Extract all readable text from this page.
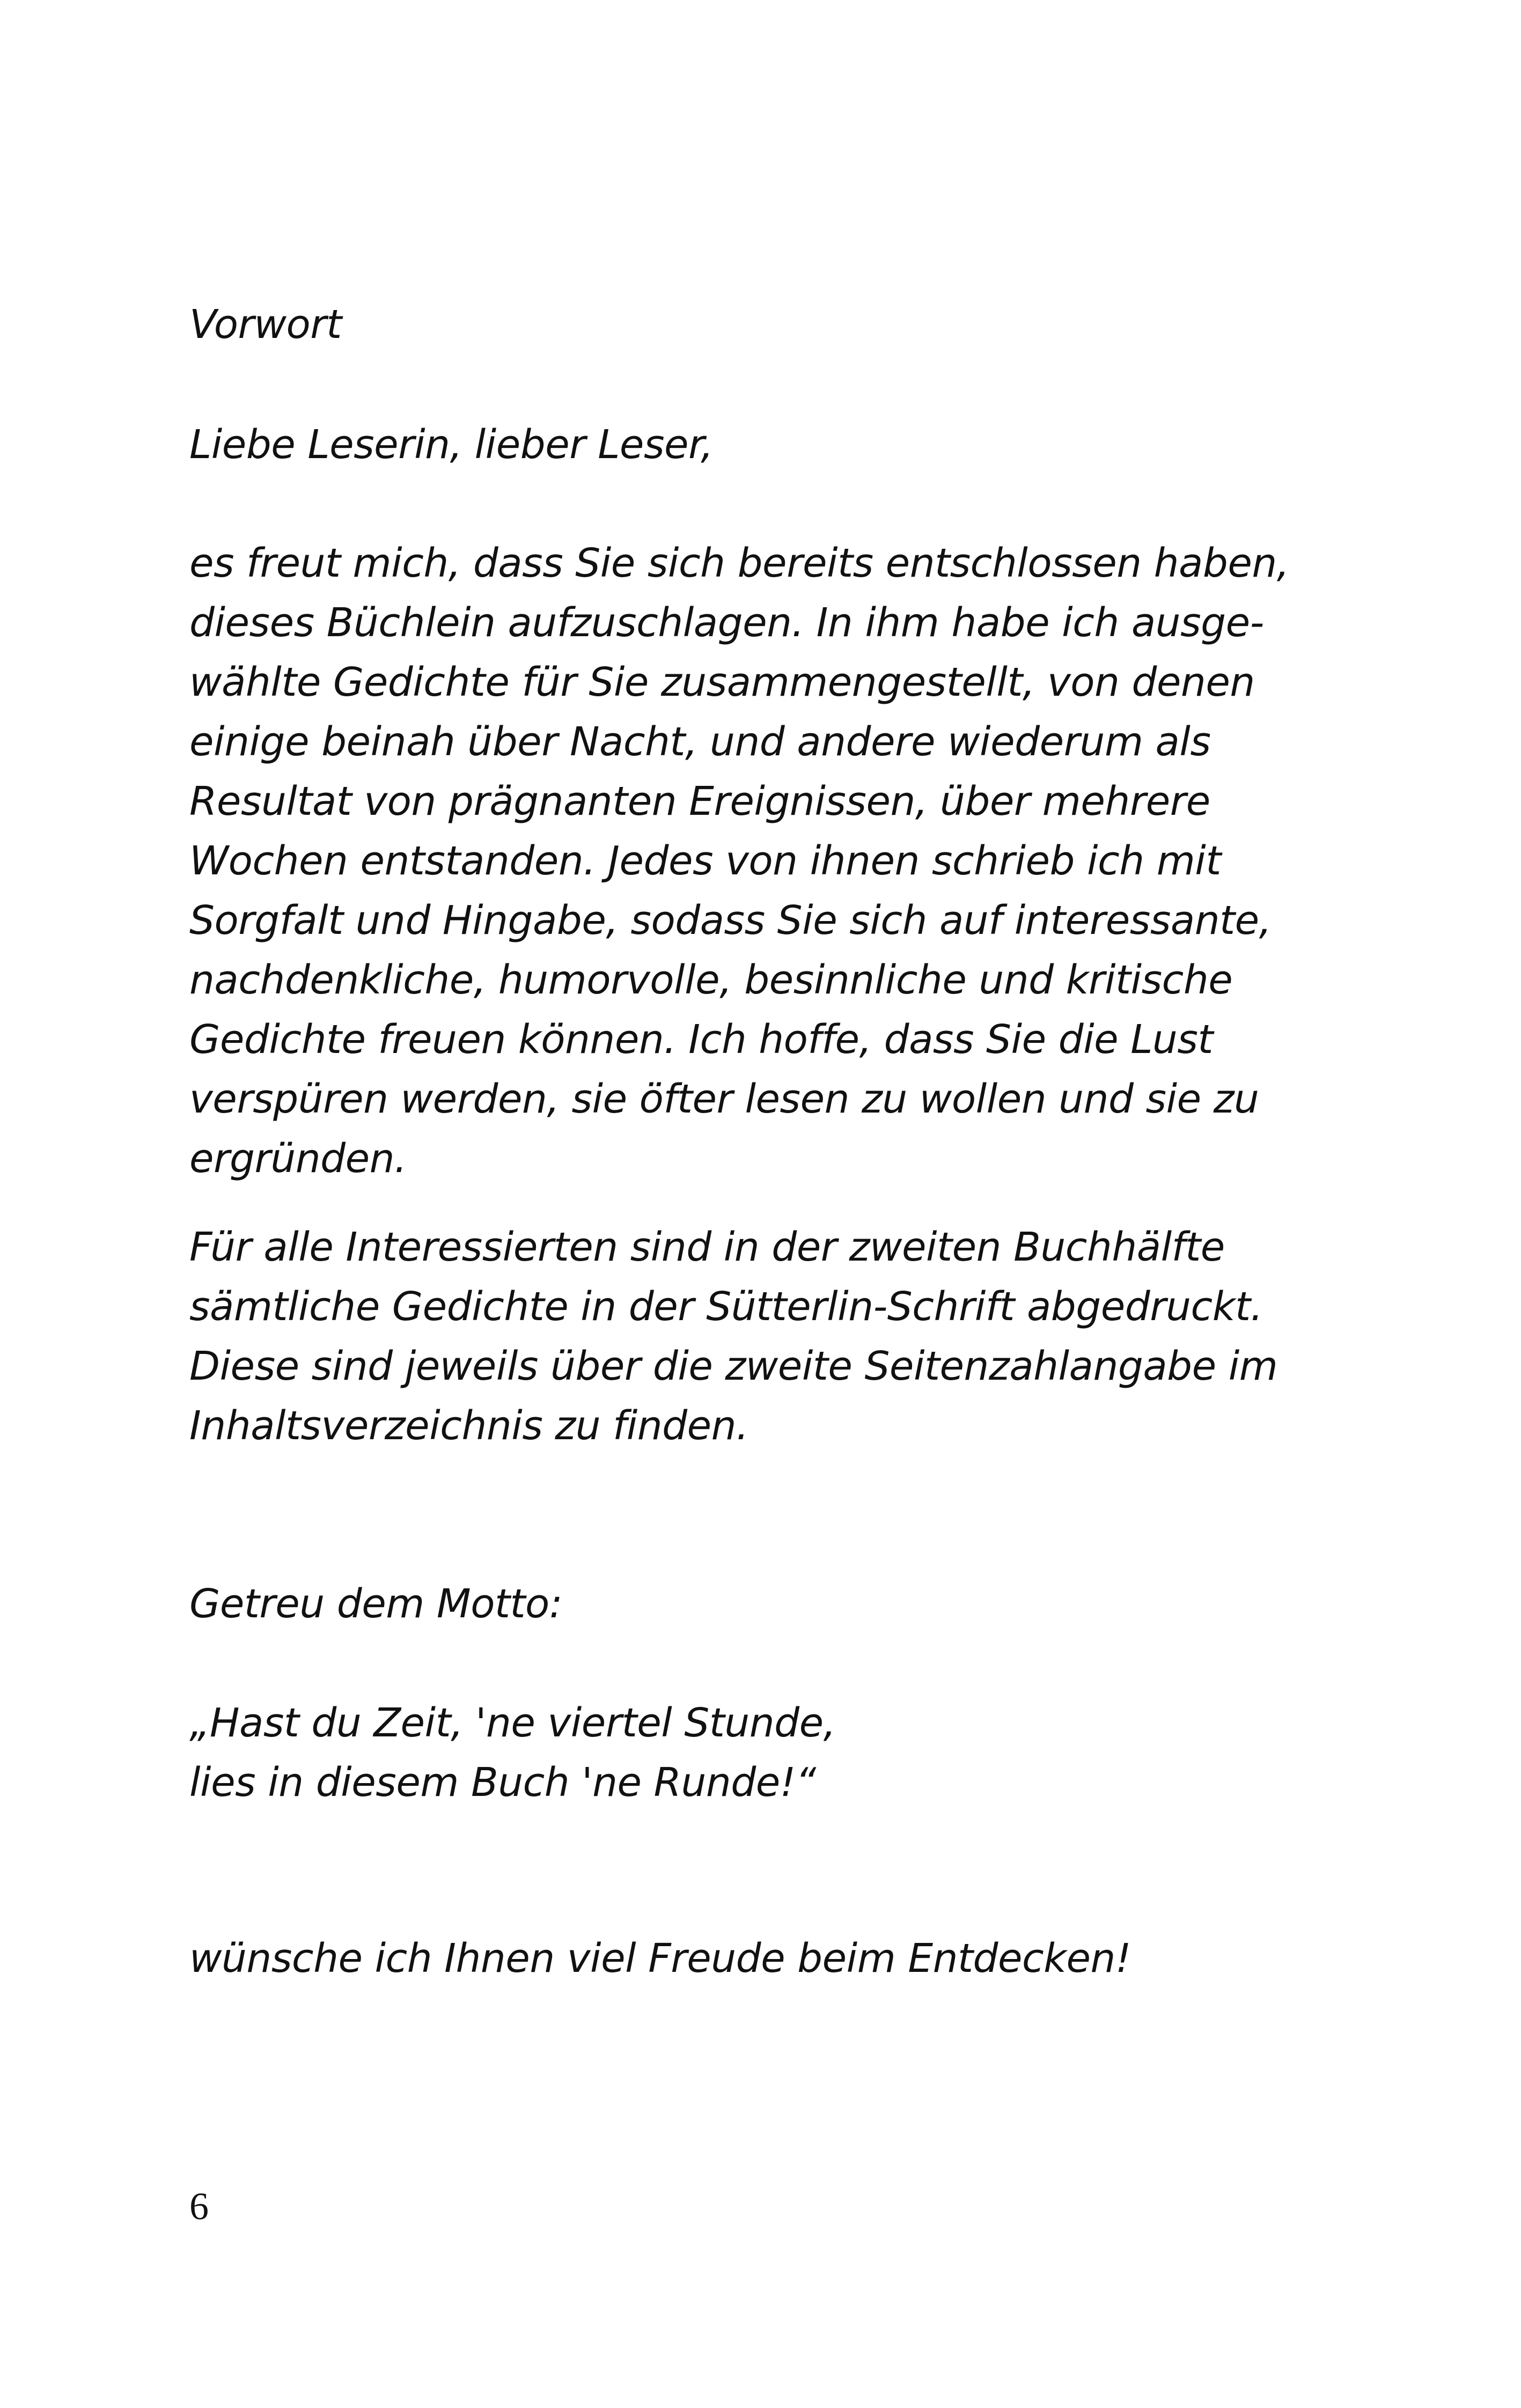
Vorwort

Liebe Leserin, lieber Leser,

es freut mich, dass Sie sich bereits entschlossen haben,
dieses Büchlein aufzuschlagen. In ihm habe ich ausge-
wählte Gedichte für Sie zusammengestellt, von denen
einige beinah über Nacht, und andere wiederum als
Resultat von prägnanten Ereignissen, über mehrere
Wochen entstanden. Jedes von ihnen schrieb ich mit
Sorgfalt und Hingabe, sodass Sie sich auf interessante,
nachdenkliche, humorvolle, besinnliche und kritische
Gedichte freuen können. Ich hoffe, dass Sie die Lust
verspüren werden, sie öfter lesen zu wollen und sie zu
ergründen.

Für alle Interessierten sind in der zweiten Buchhälfte
sämtliche Gedichte in der Sütterlin-Schrift abgedruckt.
Diese sind jeweils über die zweite Seitenzahlangabe im
Inhaltsverzeichnis zu finden.

Getreu dem Motto:

„Hast du Zeit, 'ne viertel Stunde,
lies in diesem Buch 'ne Runde!“

wünsche ich Ihnen viel Freude beim Entdecken!

6
